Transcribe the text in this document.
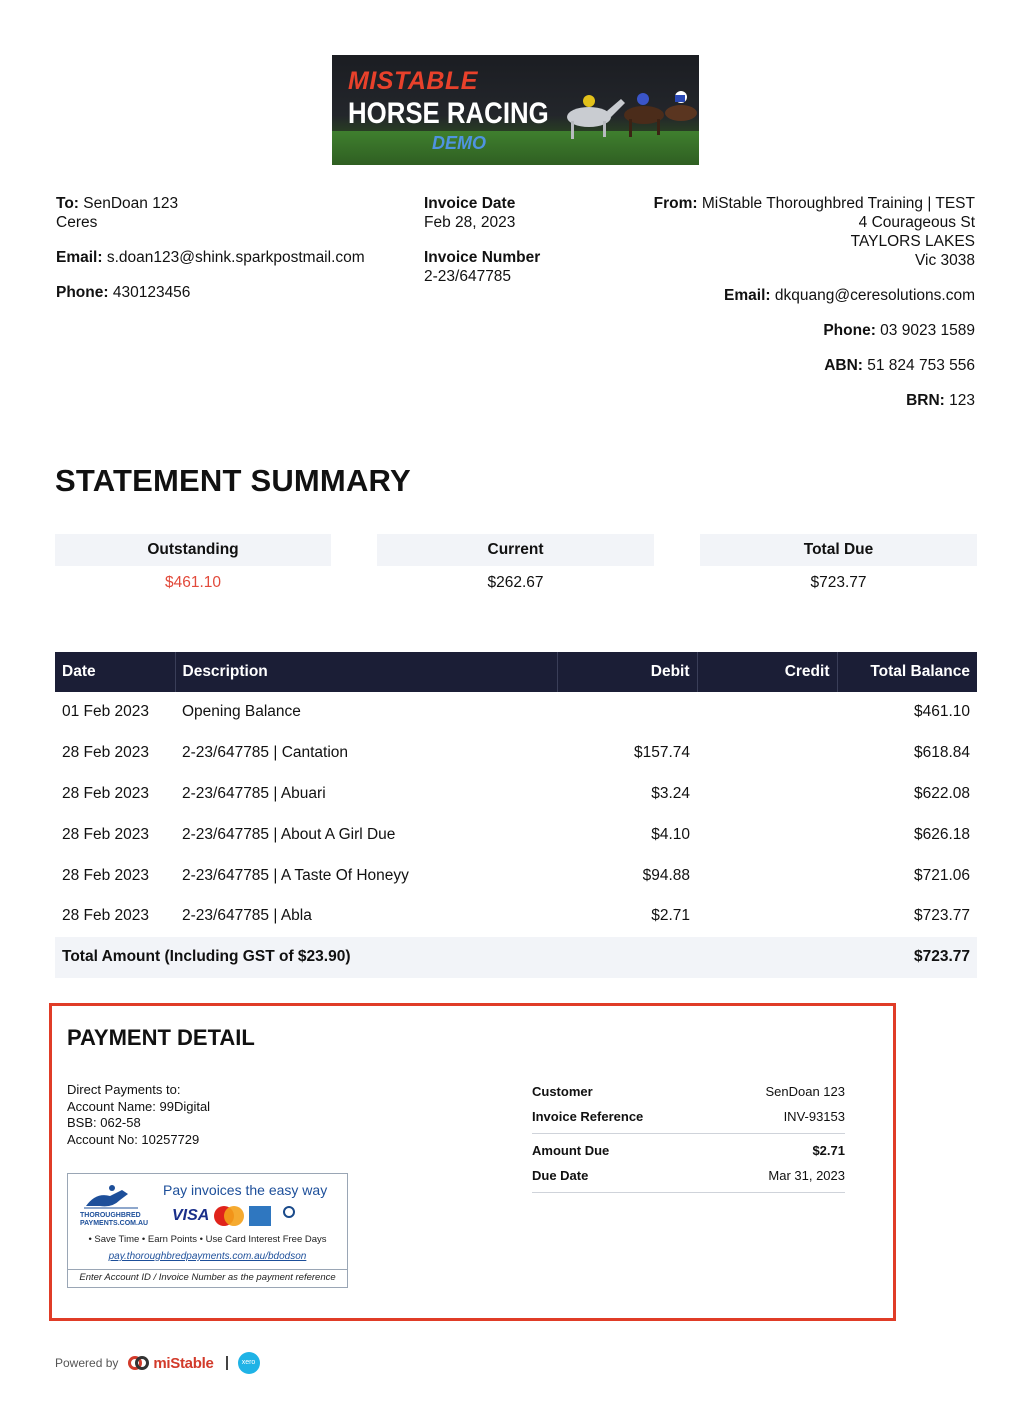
MISTABLE
HORSE RACING
DEMO
To: SenDoan 123
Ceres
Email: s.doan123@shink.sparkpostmail.com
Phone: 430123456
Invoice Date
Feb 28, 2023
Invoice Number
2-23/647785
From: MiStable Thoroughbred Training | TEST
4 Courageous St
TAYLORS LAKES
Vic 3038
Email: dkquang@ceresolutions.com
Phone: 03 9023 1589
ABN: 51 824 753 556
BRN: 123
STATEMENT SUMMARY
Outstanding	Current	Total Due
$461.10	$262.67	$723.77
Date	Description	Debit	Credit	Total Balance
01 Feb 2023	Opening Balance			$461.10
28 Feb 2023	2-23/647785 | Cantation	$157.74		$618.84
28 Feb 2023	2-23/647785 | Abuari	$3.24		$622.08
28 Feb 2023	2-23/647785 | About A Girl Due	$4.10		$626.18
28 Feb 2023	2-23/647785 | A Taste Of Honeyy	$94.88		$721.06
28 Feb 2023	2-23/647785 | Abla	$2.71		$723.77
Total Amount (Including GST of $23.90)				$723.77
PAYMENT DETAIL
Direct Payments to:
Account Name: 99Digital
BSB: 062-58
Account No: 10257729
THOROUGHBRED
PAYMENTS.COM.AU
Pay invoices the easy way
VISA
• Save Time • Earn Points • Use Card Interest Free Days
pay.thoroughbredpayments.com.au/bdodson
Enter Account ID / Invoice Number as the payment reference
Customer	SenDoan 123
Invoice Reference	INV-93153
Amount Due	$2.71
Due Date	Mar 31, 2023
Powered by miStable	xero
